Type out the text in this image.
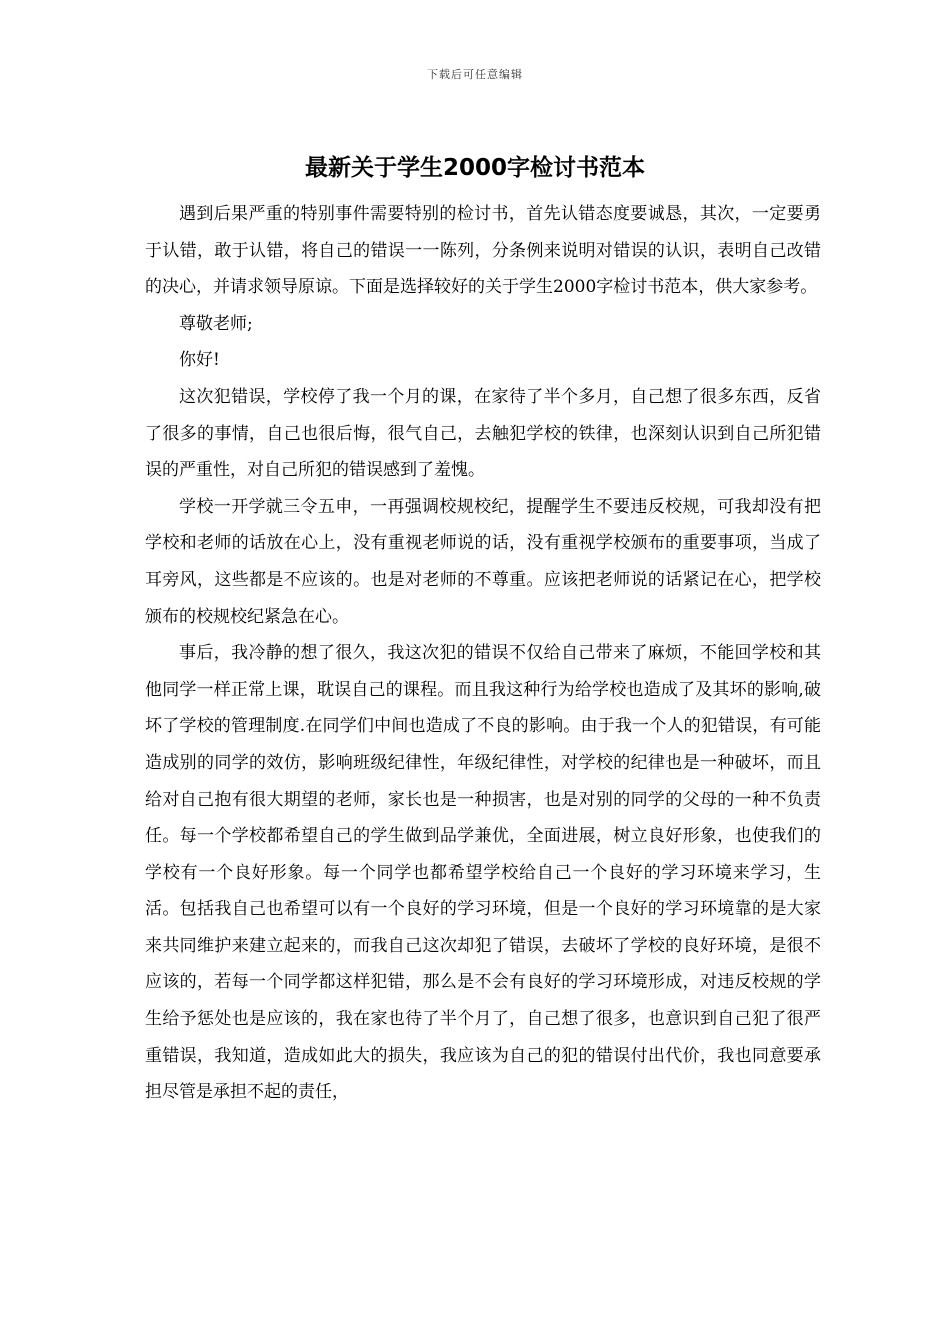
下载后可任意编辑
最新关于学生2000字检讨书范本

遇到后果严重的特别事件需要特别的检讨书，首先认错态度要诚恳，其次，一定要勇于认错，敢于认错，将自己的错误一一陈列，分条例来说明对错误的认识，表明自己改错的决心，并请求领导原谅。下面是选择较好的关于学生2000字检讨书范本，供大家参考。

尊敬老师;

你好!

这次犯错误，学校停了我一个月的课，在家待了半个多月，自己想了很多东西，反省了很多的事情，自己也很后悔，很气自己，去触犯学校的铁律，也深刻认识到自己所犯错误的严重性，对自己所犯的错误感到了羞愧。

学校一开学就三令五申，一再强调校规校纪，提醒学生不要违反校规，可我却没有把学校和老师的话放在心上，没有重视老师说的话，没有重视学校颁布的重要事项，当成了 耳旁风，这些都是不应该的。也是对老师的不尊重。应该把老师说的话紧记在心，把学校颁布的校规校纪紧急在心。

事后，我冷静的想了很久，我这次犯的错误不仅给自己带来了麻烦，不能回学校和其他同学一样正常上课，耽误自己的课程。而且我这种行为给学校也造成了及其坏的影响,破坏了学校的管理制度.在同学们中间也造成了不良的影响。由于我一个人的犯错误，有可能造成别的同学的效仿，影响班级纪律性，年级纪律性，对学校的纪律也是一种破坏，而且给对自己抱有很大期望的老师，家长也是一种损害，也是对别的同学的父母的一种不负责任。每一个学校都希望自己的学生做到品学兼优，全面进展，树立良好形象，也使我们的学校有一个良好形象。每一个同学也都希望学校给自己一个良好的学习环境来学习，生活。包括我自己也希望可以有一个良好的学习环境，但是一个良好的学习环境靠的是大家来共同维护来建立起来的，而我自己这次却犯了错误，去破坏了学校的良好环境，是很不应该的，若每一个同学都这样犯错，那么是不会有良好的学习环境形成，对违反校规的学生给予惩处也是应该的，我在家也待了半个月了，自己想了很多，也意识到自己犯了很严重错误，我知道，造成如此大的损失，我应该为自己的犯的错误付出代价，我也同意要承担尽管是承担不起的责任，
